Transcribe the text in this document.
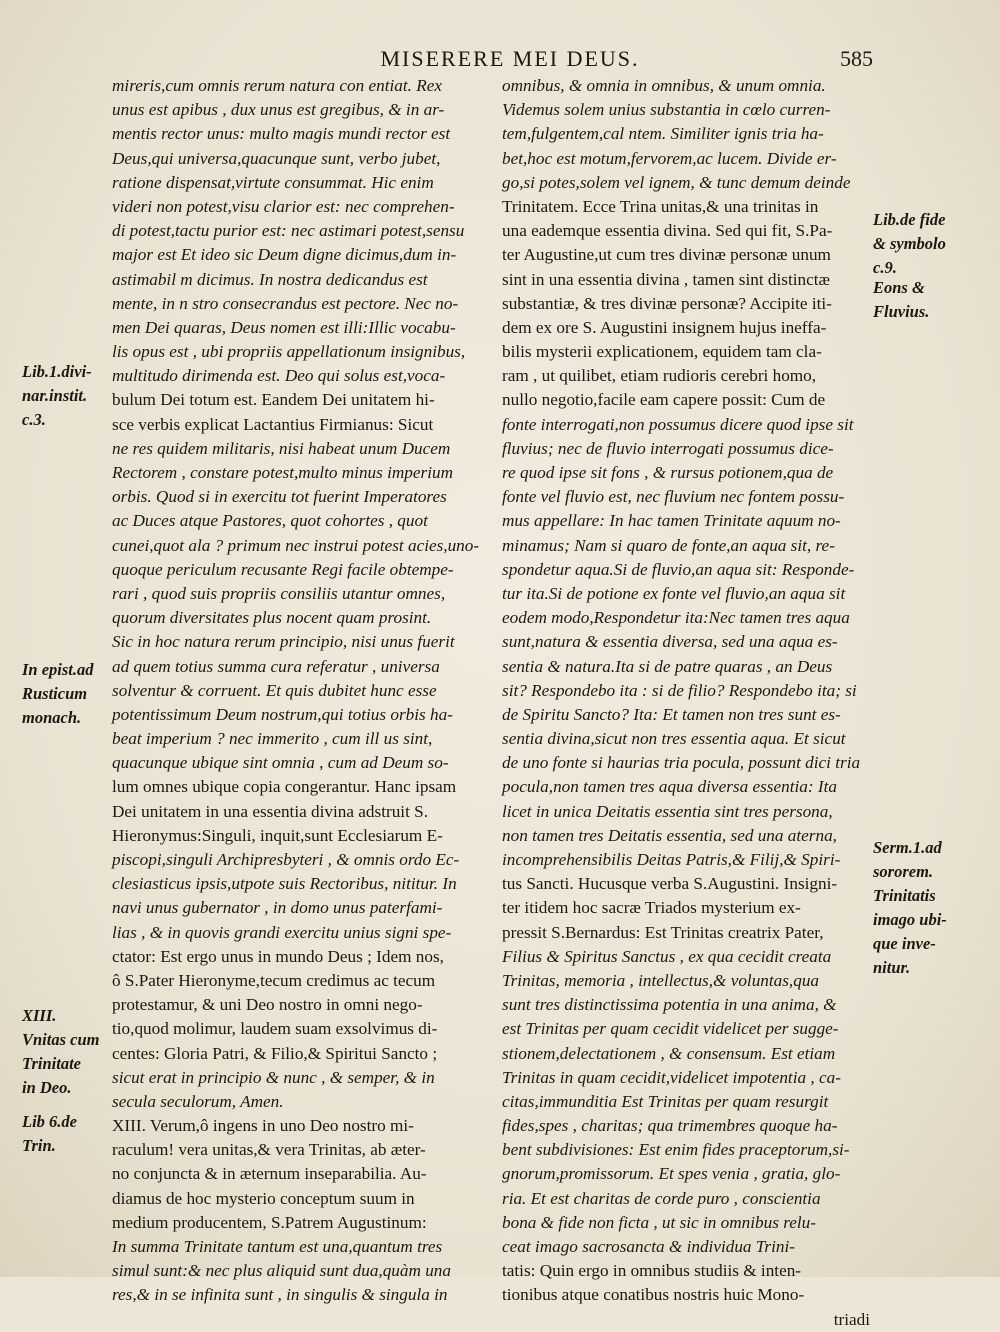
MISERERE MEI DEUS.	585
mireris,cum omnis rerum natura con entiat. Rex
unus est apibus , dux unus est gregibus, & in ar-
mentis rector unus: multo magis mundi rector est
Deus,qui universa,quacunque sunt, verbo jubet,
ratione dispensat,virtute consummat. Hic enim
videri non potest,visu clarior est: nec comprehen-
di potest,tactu purior est: nec astimari potest,sensu
major est Et ideo sic Deum digne dicimus,dum in-
astimabil m dicimus. In nostra dedicandus est
mente, in n stro consecrandus est pectore. Nec no-
men Dei quaras, Deus nomen est illi:Illic vocabu-
lis opus est , ubi propriis appellationum insignibus,
multitudo dirimenda est. Deo qui solus est,voca-
bulum Dei totum est. Eandem Dei unitatem hi-
sce verbis explicat Lactantius Firmianus: Sicut
ne res quidem militaris, nisi habeat unum Ducem
Rectorem , constare potest,multo minus imperium
orbis. Quod si in exercitu tot fuerint Imperatores
ac Duces atque Pastores, quot cohortes , quot
cunei,quot ala ? primum nec instrui potest acies,uno-
quoque periculum recusante Regi facile obtempe-
rari , quod suis propriis consiliis utantur omnes,
quorum diversitates plus nocent quam prosint.
Sic in hoc natura rerum principio, nisi unus fuerit
ad quem totius summa cura referatur , universa
solventur & corruent. Et quis dubitet hunc esse
potentissimum Deum nostrum,qui totius orbis ha-
beat imperium ? nec immerito , cum ill us sint,
quacunque ubique sint omnia , cum ad Deum so-
lum omnes ubique copia congerantur. Hanc ipsam
Dei unitatem in una essentia divina adstruit S.
Hieronymus:Singuli, inquit,sunt Ecclesiarum E-
piscopi,singuli Archipresbyteri , & omnis ordo Ec-
clesiasticus ipsis,utpote suis Rectoribus, nititur. In
navi unus gubernator , in domo unus paterfami-
lias , & in quovis grandi exercitu unius signi spe-
ctator: Est ergo unus in mundo Deus ; Idem nos,
ô S.Pater Hieronyme,tecum credimus ac tecum
protestamur, & uni Deo nostro in omni nego-
tio,quod molimur, laudem suam exsolvimus di-
centes: Gloria Patri, & Filio,& Spiritui Sancto ;
sicut erat in principio & nunc , & semper, & in
secula seculorum, Amen.
XIII. Verum,ô ingens in uno Deo nostro mi-
raculum! vera unitas,& vera Trinitas, ab æter-
no conjuncta & in æternum inseparabilia. Au-
diamus de hoc mysterio conceptum suum in
medium producentem, S.Patrem Augustinum:
In summa Trinitate tantum est una,quantum tres
simul sunt:& nec plus aliquid sunt dua,quàm una
res,& in se infinita sunt , in singulis & singula in
omnibus, & omnia in omnibus, & unum omnia.
Videmus solem unius substantia in cœlo curren-
tem,fulgentem,cal ntem. Similiter ignis tria ha-
bet,hoc est motum,fervorem,ac lucem. Divide er-
go,si potes,solem vel ignem, & tunc demum deinde
Trinitatem. Ecce Trina unitas,& una trinitas in
una eademque essentia divina. Sed qui fit, S.Pa-
ter Augustine,ut cum tres divinæ personæ unum
sint in una essentia divina , tamen sint distinctæ
substantiæ, & tres divinæ personæ? Accipite iti-
dem ex ore S. Augustini insignem hujus ineffa-
bilis mysterii explicationem, equidem tam cla-
ram , ut quilibet, etiam rudioris cerebri homo,
nullo negotio,facile eam capere possit: Cum de
fonte interrogati,non possumus dicere quod ipse sit
fluvius; nec de fluvio interrogati possumus dice-
re quod ipse sit fons , & rursus potionem,qua de
fonte vel fluvio est, nec fluvium nec fontem possu-
mus appellare: In hac tamen Trinitate aquum no-
minamus; Nam si quaro de fonte,an aqua sit, re-
spondetur aqua.Si de fluvio,an aqua sit: Responde-
tur ita.Si de potione ex fonte vel fluvio,an aqua sit
eodem modo,Respondetur ita:Nec tamen tres aqua
sunt,natura & essentia diversa, sed una aqua es-
sentia & natura.Ita si de patre quaras , an Deus
sit? Respondebo ita : si de filio? Respondebo ita; si
de Spiritu Sancto? Ita: Et tamen non tres sunt es-
sentia divina,sicut non tres essentia aqua. Et sicut
de uno fonte si haurias tria pocula, possunt dici tria
pocula,non tamen tres aqua diversa essentia: Ita
licet in unica Deitatis essentia sint tres persona,
non tamen tres Deitatis essentia, sed una aterna,
incomprehensibilis Deitas Patris,& Filij,& Spiri-
tus Sancti. Hucusque verba S.Augustini. Insigni-
ter itidem hoc sacræ Triados mysterium ex-
pressit S.Bernardus: Est Trinitas creatrix Pater,
Filius & Spiritus Sanctus , ex qua cecidit creata
Trinitas, memoria , intellectus,& voluntas,qua
sunt tres distinctissima potentia in una anima, &
est Trinitas per quam cecidit videlicet per sugge-
stionem,delectationem , & consensum. Est etiam
Trinitas in quam cecidit,videlicet impotentia , ca-
citas,immunditia Est Trinitas per quam resurgit
fides,spes , charitas; qua trimembres quoque ha-
bent subdivisiones: Est enim fides praceptorum,si-
gnorum,promissorum. Et spes venia , gratia, glo-
ria. Et est charitas de corde puro , conscientia
bona & fide non ficta , ut sic in omnibus relu-
ceat imago sacrosancta & individua Trini-
tatis: Quin ergo in omnibus studiis & inten-
tionibus atque conatibus nostris huic Mono-
triadi
Lib.de fide
& symbolo
c.9.
Eons &
Fluvius.
Serm.1.ad
sororem.
Trinitatis
imago ubi-
que inve-
nitur.
Lib.1.divi-
nar.instit.
c.3.
In epist.ad
Rusticum
monach.
XIII.
Vnitas cum
Trinitate
in Deo.
Lib 6.de
Trin.
